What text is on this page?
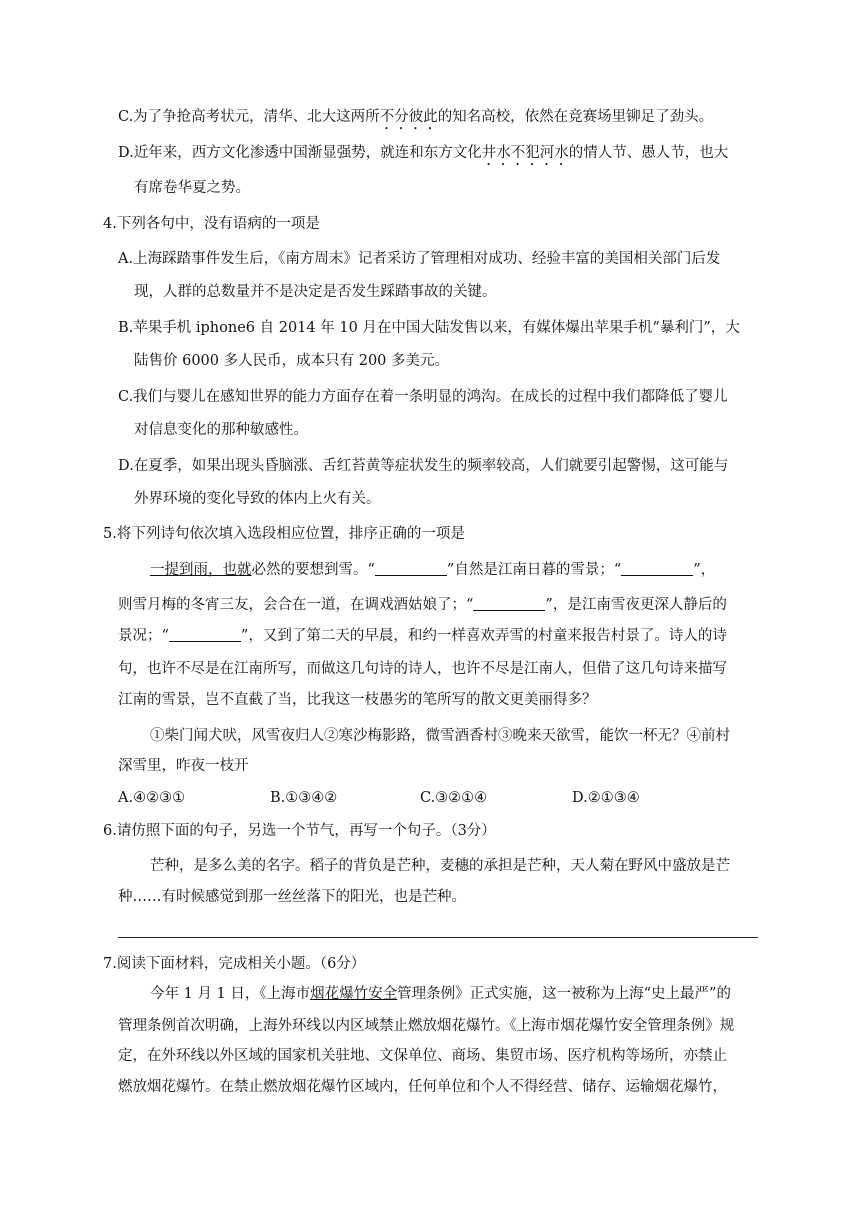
C.为了争抢高考状元，清华、北大这两所不分彼此的知名高校，依然在竞赛场里铆足了劲头。
D.近年来，西方文化渗透中国渐显强势，就连和东方文化井水不犯河水的情人节、愚人节，也大
有席卷华夏之势。
4.下列各句中，没有语病的一项是
A.上海踩踏事件发生后，《南方周末》记者采访了管理相对成功、经验丰富的美国相关部门后发
现，人群的总数量并不是决定是否发生踩踏事故的关键。
B.苹果手机 iphone6 自 2014 年 10 月在中国大陆发售以来，有媒体爆出苹果手机“暴利门”，大
陆售价 6000 多人民币，成本只有 200 多美元。
C.我们与婴儿在感知世界的能力方面存在着一条明显的鸿沟。在成长的过程中我们都降低了婴儿
对信息变化的那种敏感性。
D.在夏季，如果出现头昏脑涨、舌红苔黄等症状发生的频率较高，人们就要引起警惕，这可能与
外界环境的变化导致的体内上火有关。
5.将下列诗句依次填入选段相应位置，排序正确的一项是
一提到雨，也就必然的要想到雪。“	”自然是江南日暮的雪景；“	”，
则雪月梅的冬宵三友，会合在一道，在调戏酒姑娘了；“	”，是江南雪夜更深人静后的
景况；“	”，又到了第二天的早晨，和约一样喜欢弄雪的村童来报告村景了。诗人的诗
句，也许不尽是在江南所写，而做这几句诗的诗人，也许不尽是江南人，但借了这几句诗来描写
江南的雪景，岂不直截了当，比我这一枝愚劣的笔所写的散文更美丽得多？
①柴门闻犬吠，风雪夜归人②寒沙梅影路，微雪酒香村③晚来天欲雪，能饮一杯无？④前村
深雪里，昨夜一枝开
A.④②③①	B.①③④②	C.③②①④	D.②①③④
6.请仿照下面的句子，另选一个节气，再写一个句子。（3分）
芒种，是多么美的名字。稻子的背负是芒种，麦穗的承担是芒种，天人菊在野风中盛放是芒
种……有时候感觉到那一丝丝落下的阳光，也是芒种。
7.阅读下面材料，完成相关小题。（6分）
今年 1 月 1 日，《上海市烟花爆竹安全管理条例》正式实施，这一被称为上海“史上最严”的
管理条例首次明确，上海外环线以内区域禁止燃放烟花爆竹。《上海市烟花爆竹安全管理条例》规
定，在外环线以外区域的国家机关驻地、文保单位、商场、集贸市场、医疗机构等场所，亦禁止
燃放烟花爆竹。在禁止燃放烟花爆竹区域内，任何单位和个人不得经营、储存、运输烟花爆竹，
